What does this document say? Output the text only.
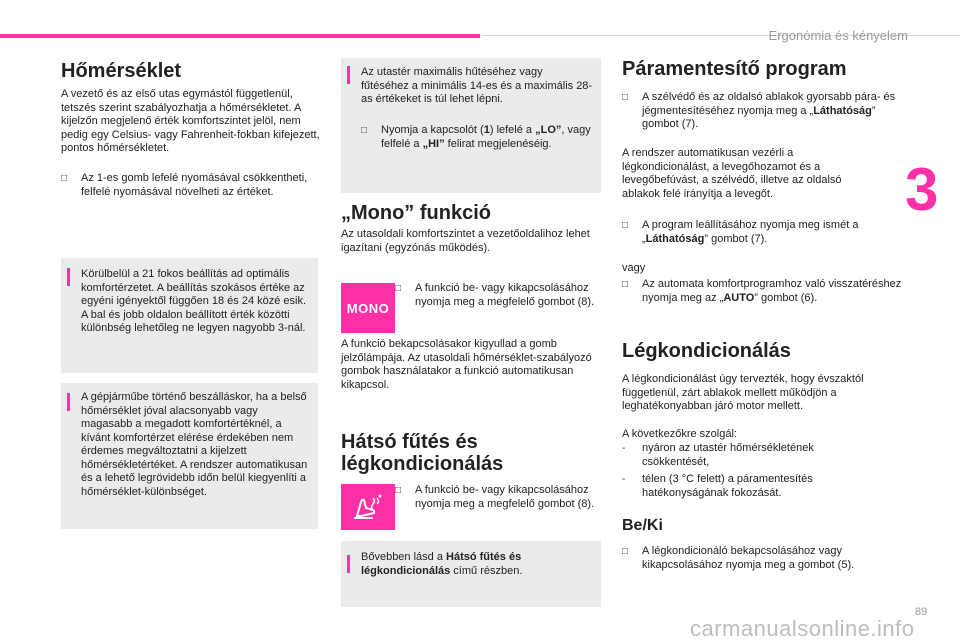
Ergonómia és kényelem
3
89
carmanualsonline.info
Hőmérséklet

A vezető és az első utas egymástól függetlenül, tetszés szerint szabályozhatja a hőmérsékletet. A kijelzőn megjelenő érték komfortszintet jelöl, nem pedig egy Celsius- vagy Fahrenheit-fokban kifejezett, pontos hőmérsékletet.

□ Az 1-es gomb lefelé nyomásával csökkentheti, felfelé nyomásával növelheti az értéket.
Körülbelül a 21 fokos beállítás ad optimális komfortérzetet. A beállítás szokásos értéke az egyéni igényektől függően 18 és 24 közé esik. A bal és jobb oldalon beállított érték közötti különbség lehetőleg ne legyen nagyobb 3-nál.
A gépjárműbe történő beszálláskor, ha a belső hőmérséklet jóval alacsonyabb vagy magasabb a megadott komfortértéknél, a kívánt komfortérzet elérése érdekében nem érdemes megváltoztatni a kijelzett hőmérsékletértéket. A rendszer automatikusan és a lehető legrövidebb időn belül kiegyenlíti a hőmérséklet-különbséget.
Az utastér maximális hűtéséhez vagy fűtéséhez a minimális 14-es és a maximális 28-as értékeket is túl lehet lépni.
□ Nyomja a kapcsolót (1) lefelé a „LO”, vagy felfelé a „HI” felirat megjelenéséig.
„Mono” funkció

Az utasoldali komfortszintet a vezetőoldalihoz lehet igazítani (egyzónás működés).

MONO
□ A funkció be- vagy kikapcsolásához nyomja meg a megfelelő gombot (8).

A funkció bekapcsolásakor kigyullad a gomb jelzőlámpája. Az utasoldali hőmérséklet-szabályozó gombok használatakor a funkció automatikusan kikapcsol.

Hátsó fűtés és
légkondicionálás
□ A funkció be- vagy kikapcsolásához nyomja meg a megfelelő gombot (8).
Bővebben lásd a Hátsó fűtés és légkondicionálás című részben.
Páramentesítő program
□ A szélvédő és az oldalsó ablakok gyorsabb pára- és jégmentesítéséhez nyomja meg a „Láthatóság” gombot (7).

A rendszer automatikusan vezérli a légkondicionálást, a levegőhozamot és a levegőbefúvást, a szélvédő, illetve az oldalsó ablakok felé irányítja a levegőt.

□ A program leállításához nyomja meg ismét a „Láthatóság” gombot (7).

vagy

□ Az automata komfortprogramhoz való visszatéréshez nyomja meg az „AUTO” gombot (6).
Légkondicionálás

A légkondicionálást úgy tervezték, hogy évszaktól függetlenül, zárt ablakok mellett működjön a leghatékonyabban járó motor mellett.

A következőkre szolgál:

- nyáron az utastér hőmérsékletének csökkentését,
- télen (3 °C felett) a páramentesítés hatékonyságának fokozását.
Be/Ki
□ A légkondicionáló bekapcsolásához vagy kikapcsolásához nyomja meg a gombot (5).
